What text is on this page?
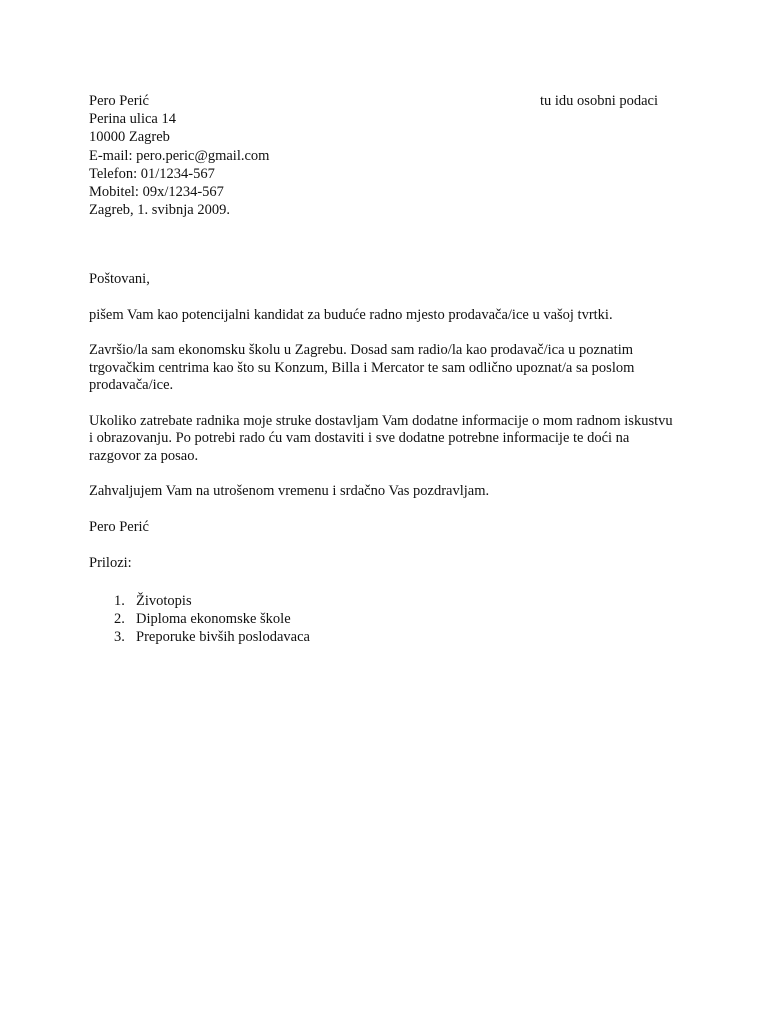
Pero Perić
Perina ulica 14
10000 Zagreb
E-mail: pero.peric@gmail.com
Telefon: 01/1234-567
Mobitel: 09x/1234-567
Zagreb, 1. svibnja 2009.
tu idu osobni podaci

Poštovani,

pišem Vam kao potencijalni kandidat za buduće radno mjesto prodavača/ice u vašoj tvrtki.

Završio/la sam ekonomsku školu u Zagrebu. Dosad sam radio/la kao prodavač/ica u poznatim trgovačkim centrima kao što su Konzum, Billa i Mercator te sam odlično upoznat/a sa poslom prodavača/ice.

Ukoliko zatrebate radnika moje struke dostavljam Vam dodatne informacije o mom radnom iskustvu i obrazovanju. Po potrebi rado ću vam dostaviti i sve dodatne potrebne informacije te doći na razgovor za posao.

Zahvaljujem Vam na utrošenom vremenu i srdačno Vas pozdravljam.

Pero Perić

Prilozi:

1. Životopis
2. Diploma ekonomske škole
3. Preporuke bivših poslodavaca
